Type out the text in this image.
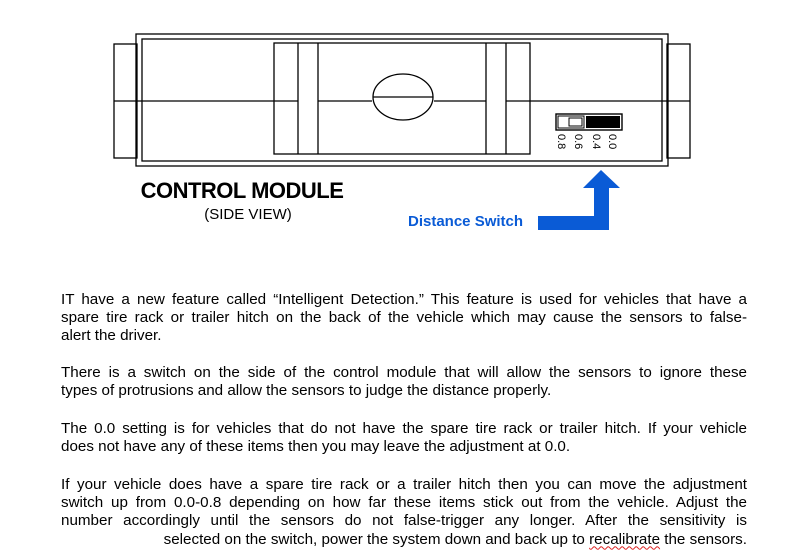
0.8 0.6 0.4 0.0
CONTROL MODULE
(SIDE VIEW)	Distance Switch

IT have a new feature called “Intelligent Detection.” This feature is used for vehicles that have a
spare tire rack or trailer hitch on the back of the vehicle which may cause the sensors to false-
alert the driver.

There is a switch on the side of the control module that will allow the sensors to ignore these
types of protrusions and allow the sensors to judge the distance properly.

The 0.0 setting is for vehicles that do not have the spare tire rack or trailer hitch. If your vehicle
does not have any of these items then you may leave the adjustment at 0.0.

If your vehicle does have a spare tire rack or a trailer hitch then you can move the adjustment
switch up from 0.0-0.8 depending on how far these items stick out from the vehicle. Adjust the
number accordingly until the sensors do not false-trigger any longer. After the sensitivity is
selected on the switch, power the system down and back up to recalibrate the sensors.
